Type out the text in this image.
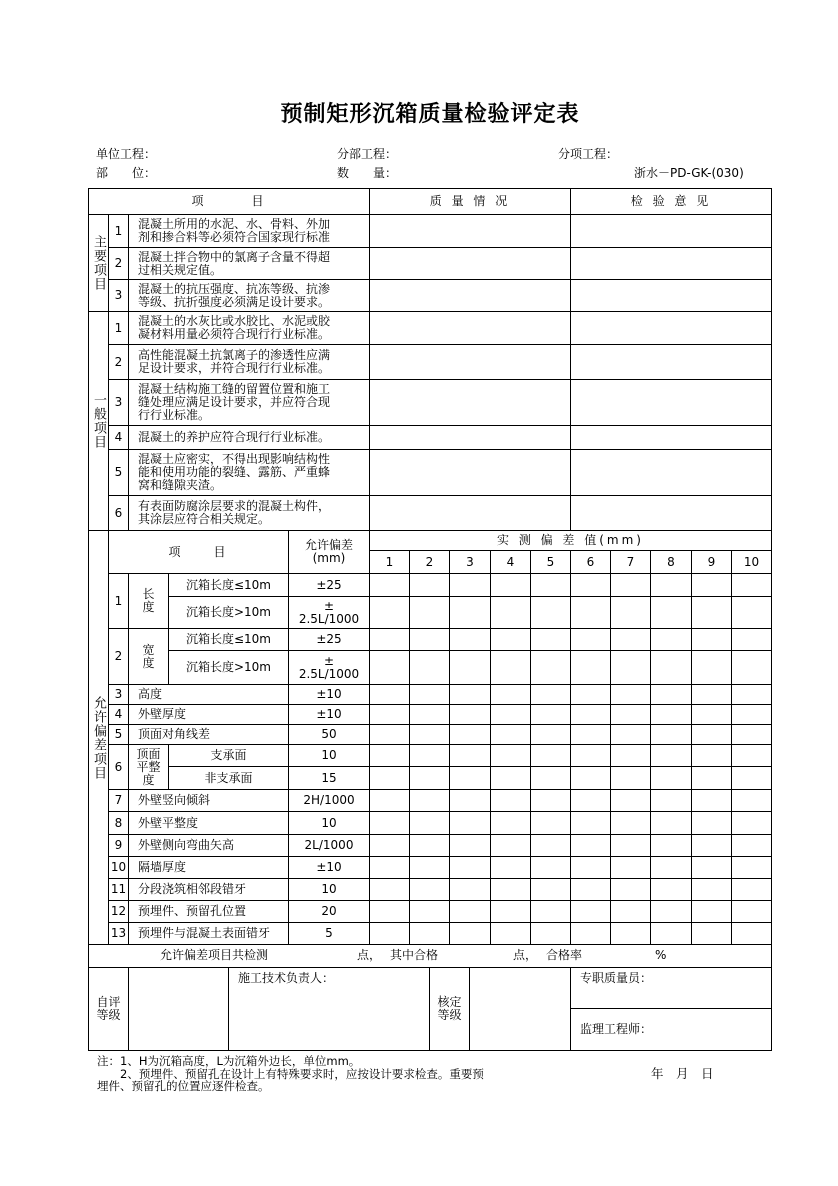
预制矩形沉箱质量检验评定表
单位工程：	分部工程：	分项工程：
部　　位：	数　　量：	浙水－PD-GK-(030)
项　　　目	质 量 情 况	检 验 意 见
主要项目
1	混凝土所用的水泥、水、骨料、外加
剂和掺合料等必须符合国家现行标准
2	混凝土拌合物中的氯离子含量不得超
过相关规定值。
3	混凝土的抗压强度、抗冻等级、抗渗
等级、抗折强度必须满足设计要求。
一般项目
1	混凝土的水灰比或水胶比、水泥或胶
凝材料用量必须符合现行行业标准。
2	高性能混凝土抗氯离子的渗透性应满
足设计要求，并符合现行行业标准。
3
混凝土结构施工缝的留置位置和施工
缝处理应满足设计要求，并应符合现
行行业标准。
4	混凝土的养护应符合现行行业标准。
5
混凝土应密实，不得出现影响结构性
能和使用功能的裂缝、露筋、严重蜂
窝和缝隙夹渣。
6	有表面防腐涂层要求的混凝土构件，
其涂层应符合相关规定。
允许偏差项目
项　　目	允许偏差
(mm)
实 测 偏 差 值(mm)
1	2	3	4	5	6	7	8	9	10
1	长
度
沉箱长度≤10m	±25
沉箱长度>10m	±
2.5L/1000
2	宽
度
沉箱长度≤10m	±25
沉箱长度>10m	±
2.5L/1000
3	高度	±10
4	外壁厚度	±10
5	顶面对角线差	50
6
顶面
平整
度
支承面	10
非支承面	15
7	外壁竖向倾斜	2H/1000
8	外壁平整度	10
9	外壁侧向弯曲矢高	2L/1000
10 隔墙厚度	±10
11 分段浇筑相邻段错牙	10
12 预埋件、预留孔位置	20
13 预埋件与混凝土表面错牙	5
允许偏差项目共检测	点， 其中合格	点， 合格率	%
自评
等级
施工技术负责人：
核定
等级
专职质量员：
监理工程师：
注：1、H为沉箱高度，L为沉箱外边长，单位mm。
　　2、预埋件、预留孔在设计上有特殊要求时，应按设计要求检查。重要预
埋件、预留孔的位置应逐件检查。
年　月　日
